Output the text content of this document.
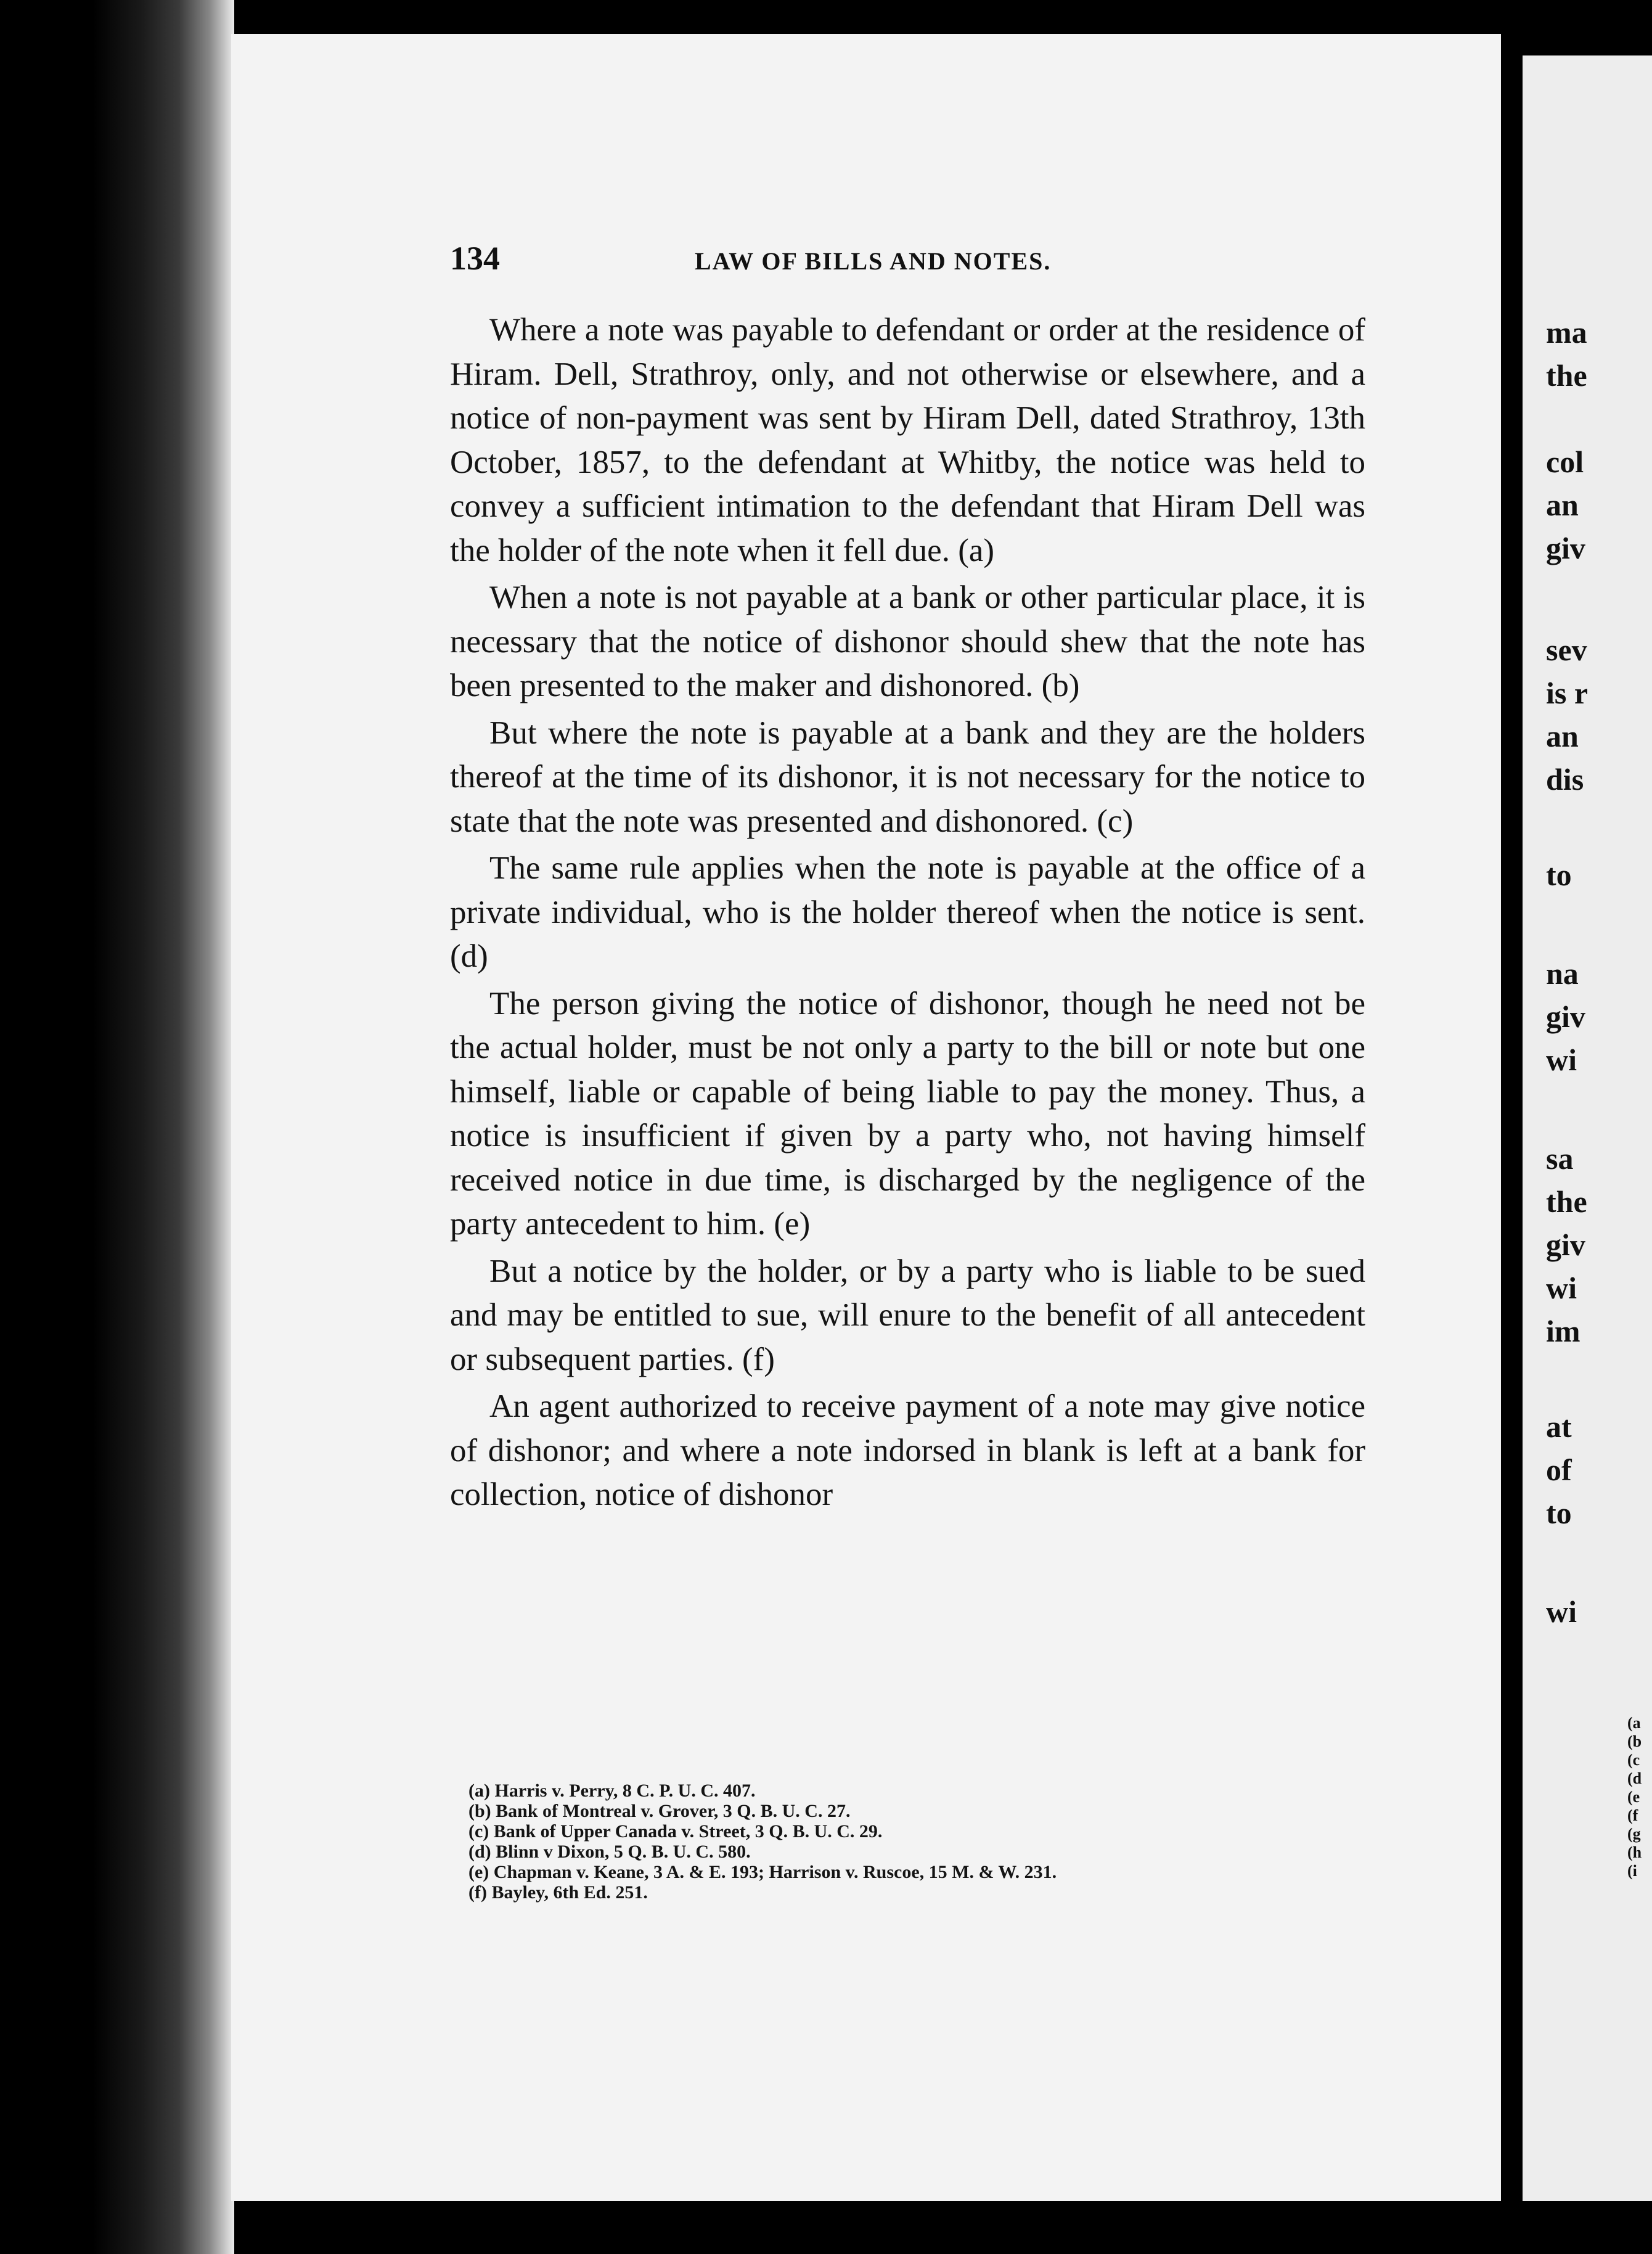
134	LAW OF BILLS AND NOTES.

Where a note was payable to defendant or order at the residence of Hiram. Dell, Strathroy, only, and not otherwise or elsewhere, and a notice of non-payment was sent by Hiram Dell, dated Strathroy, 13th October, 1857, to the defendant at Whitby, the notice was held to convey a sufficient intimation to the defendant that Hiram Dell was the holder of the note when it fell due. (a)

When a note is not payable at a bank or other particular place, it is necessary that the notice of dishonor should shew that the note has been presented to the maker and dishonored. (b)

But where the note is payable at a bank and they are the holders thereof at the time of its dishonor, it is not necessary for the notice to state that the note was presented and dishonored. (c)

The same rule applies when the note is payable at the office of a private individual, who is the holder thereof when the notice is sent. (d)

The person giving the notice of dishonor, though he need not be the actual holder, must be not only a party to the bill or note but one himself, liable or capable of being liable to pay the money. Thus, a notice is insufficient if given by a party who, not having himself received notice in due time, is discharged by the negligence of the party antecedent to him. (e)

But a notice by the holder, or by a party who is liable to be sued and may be entitled to sue, will enure to the benefit of all antecedent or subsequent parties. (f)

An agent authorized to receive payment of a note may give notice of dishonor; and where a note indorsed in blank is left at a bank for collection, notice of dishonor

(a) Harris v. Perry, 8 C. P. U. C. 407.
(b) Bank of Montreal v. Grover, 3 Q. B. U. C. 27.
(c) Bank of Upper Canada v. Street, 3 Q. B. U. C. 29.
(d) Blinn v Dixon, 5 Q. B. U. C. 580.
(e) Chapman v. Keane, 3 A. & E. 193; Harrison v. Ruscoe, 15 M. & W. 231.
(f) Bayley, 6th Ed. 251.
ma
the
col
an
giv
sev
is r
an
dis
to
na
giv
wi
sa
the
giv
wi
im
at
of
to
wi
(a
(b
(c
(d
(e
(f
(g
(h
(i
